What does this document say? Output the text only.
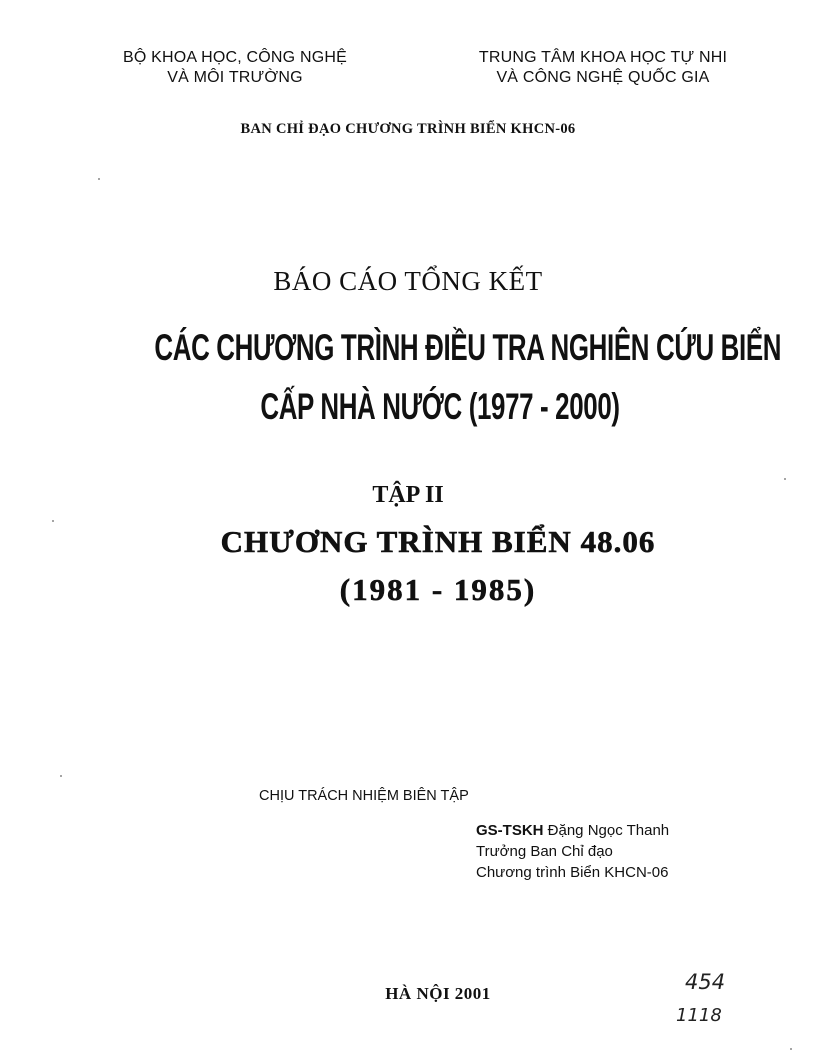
BỘ KHOA HỌC, CÔNG NGHỆ
VÀ MÔI TRƯỜNG
TRUNG TÂM KHOA HỌC TỰ NHI
VÀ CÔNG NGHỆ QUỐC GIA
BAN CHỈ ĐẠO CHƯƠNG TRÌNH BIỂN KHCN-06
BÁO CÁO TỔNG KẾT
CÁC CHƯƠNG TRÌNH ĐIỀU TRA NGHIÊN CỨU BIỂN
CẤP NHÀ NƯỚC (1977 - 2000)
TẬP II
CHƯƠNG TRÌNH BIỂN 48.06
(1981 - 1985)
CHỊU TRÁCH NHIỆM BIÊN TẬP
GS-TSKH Đặng Ngọc Thanh
Trưởng Ban Chỉ đạo
Chương trình Biển KHCN-06
HÀ NỘI 2001	454
1118
